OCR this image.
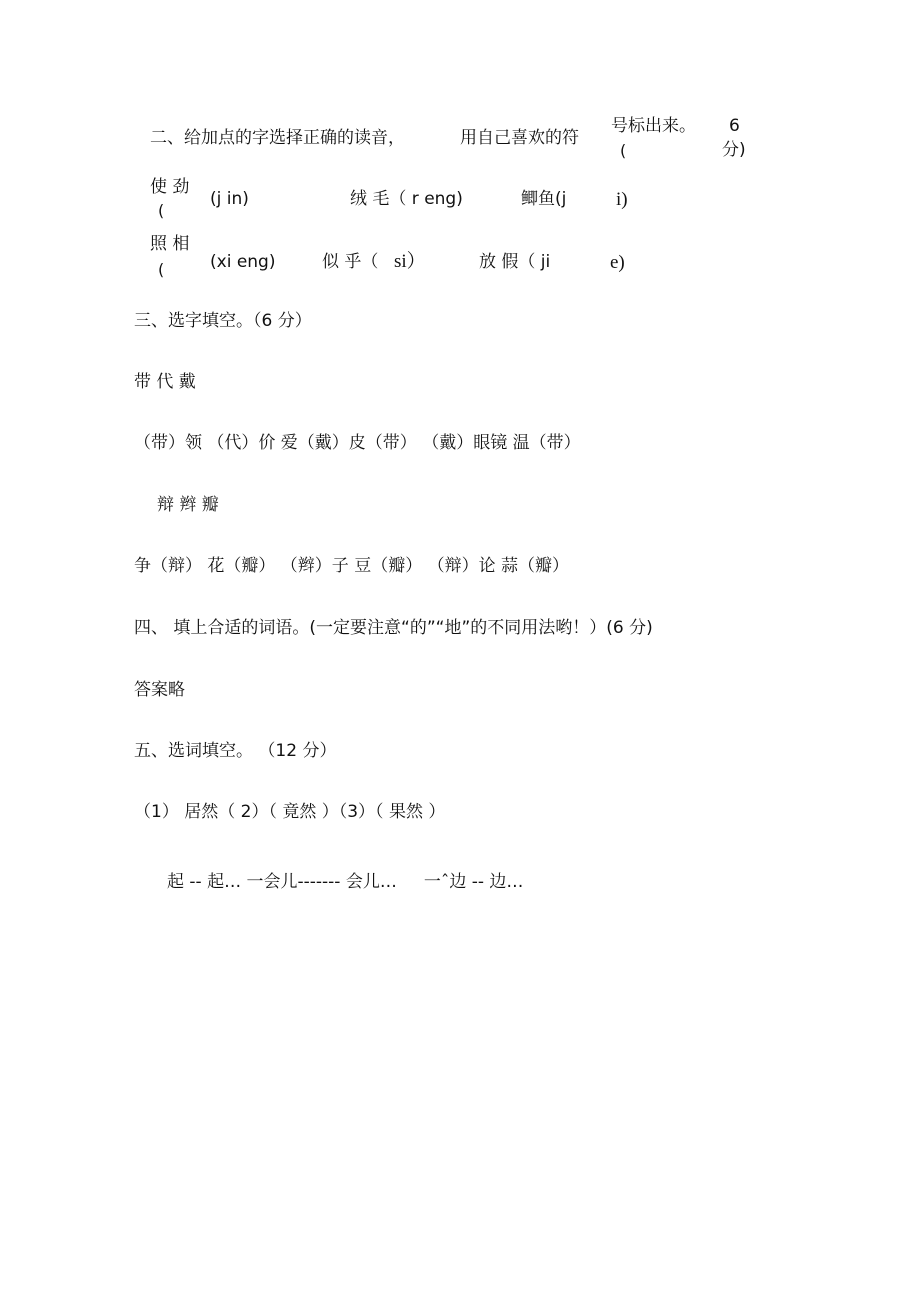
二、给加点的字选择正确的读音，	用自己喜欢的符
号标出来。 6
(	分)
使 劲
(
(j in)	绒 毛（ r eng)	鲫鱼(j	i)
照 相
(	(xi eng)	似 乎（ si）	放 假（ ji	e)
三、选字填空。（6 分）
带 代 戴
（带）领 （代）价 爱（戴）皮（带） （戴）眼镜 温（带）
辩 辫 瓣
争（辩） 花（瓣） （辫）子 豆（瓣） （辩）论 蒜（瓣）
四、 填上合适的词语。(一定要注意“的”“地”的不同用法哟！）(6 分)
答案略
五、选词填空。 （12 分）
（1） 居然（ 2）（ 竟然 ）（3）（ 果然 ）
起 -- 起… 一会儿------- 会儿…     一ˆ边 -- 边…
